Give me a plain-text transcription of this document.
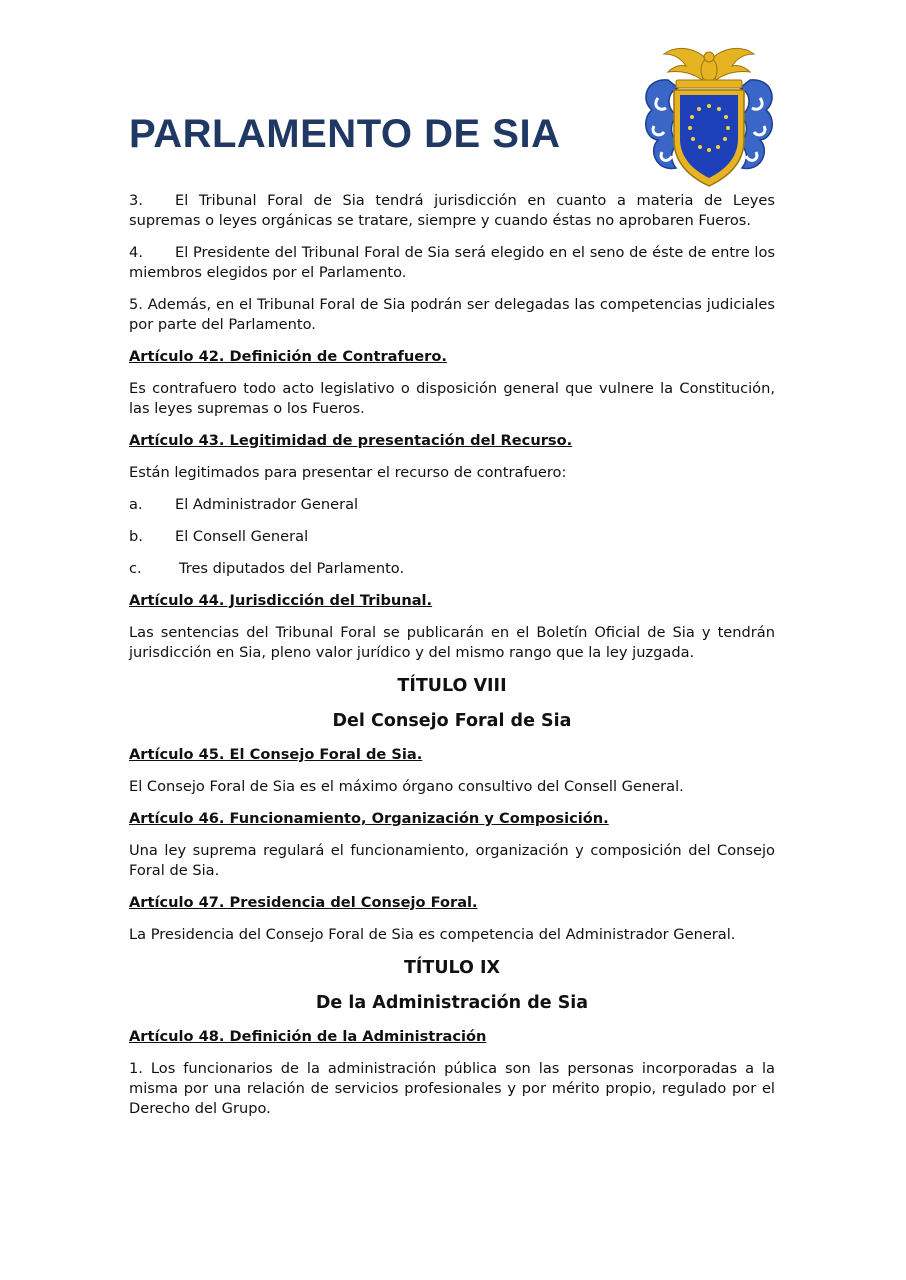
PARLAMENTO DE SIA

3. El Tribunal Foral de Sia tendrá jurisdicción en cuanto a materia de Leyes supremas o leyes orgánicas se tratare, siempre y cuando éstas no aprobaren Fueros.

4. El Presidente del Tribunal Foral de Sia será elegido en el seno de éste de entre los miembros elegidos por el Parlamento.

5. Además, en el Tribunal Foral de Sia podrán ser delegadas las competencias judiciales por parte del Parlamento.

Artículo 42. Definición de Contrafuero.

Es contrafuero todo acto legislativo o disposición general que vulnere la Constitución, las leyes supremas o los Fueros.

Artículo 43. Legitimidad de presentación del Recurso.

Están legitimados para presentar el recurso de contrafuero:

a. El Administrador General

b. El Consell General

c.	Tres diputados del Parlamento.

Artículo 44. Jurisdicción del Tribunal.

Las sentencias del Tribunal Foral se publicarán en el Boletín Oficial de Sia y tendrán jurisdicción en Sia, pleno valor jurídico y del mismo rango que la ley juzgada.

TÍTULO VIII

Del Consejo Foral de Sia

Artículo 45. El Consejo Foral de Sia.

El Consejo Foral de Sia es el máximo órgano consultivo del Consell General.

Artículo 46. Funcionamiento, Organización y Composición.

Una ley suprema regulará el funcionamiento, organización y composición del Consejo Foral de Sia.

Artículo 47. Presidencia del Consejo Foral.

La Presidencia del Consejo Foral de Sia es competencia del Administrador General.

TÍTULO IX

De la Administración de Sia

Artículo 48. Definición de la Administración

1. Los funcionarios de la administración pública son las personas incorporadas a la misma por una relación de servicios profesionales y por mérito propio, regulado por el Derecho del Grupo.
